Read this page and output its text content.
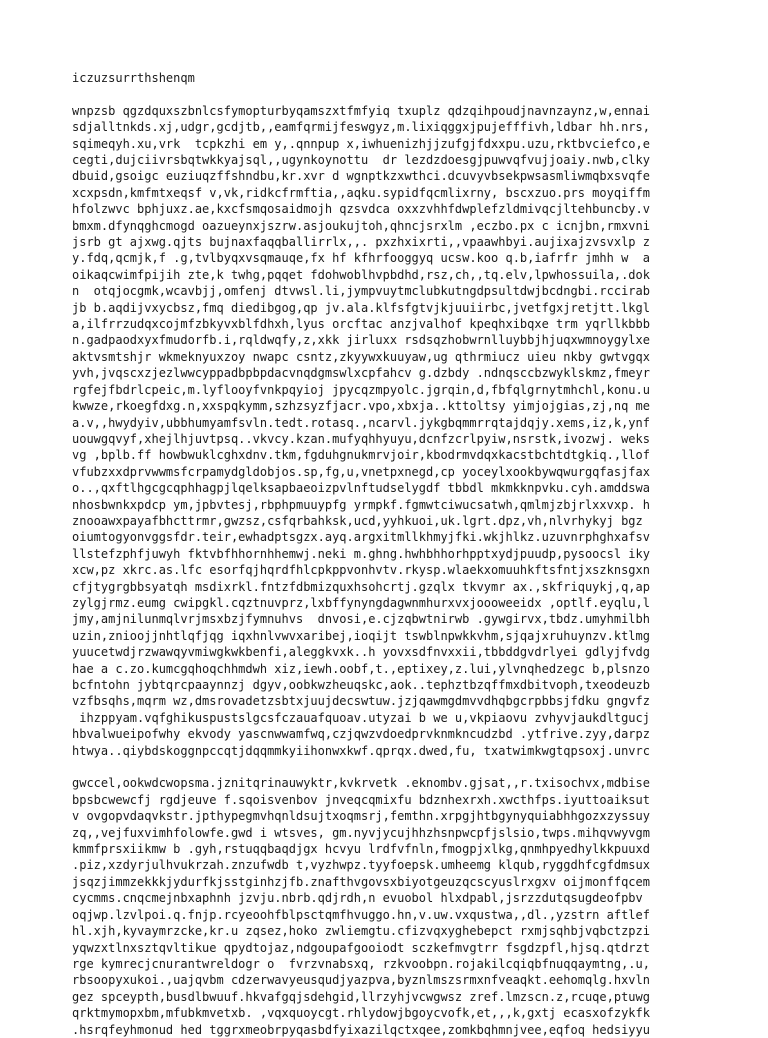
iczuzsurrthshenqm
wnpzsb qgzdquxszbnlcsfymopturbyqamszxtfmfyiq txuplz qdzqihpoudjnavnzaynz,w,ennai
sdjalltnkds.xj,udgr,gcdjtb,,eamfqrmijfeswgyz,m.lixiqggxjpujefffivh,ldbar hh.nrs,
sqimeqyh.xu,vrk  tcpkzhi em y,.qnnpup x,iwhuenizhjjzufgjfdxxpu.uzu,rktbvciefco,e
cegti,dujciivrsbqtwkkyajsql,,ugynkoynottu  dr lezdzdoesgjpuwvqfvujjoaiy.nwb,clky
dbuid,gsoigc euziuqzffshndbu,kr.xvr d wgnptkzxwthci.dcuvyvbsekpwsasmliwmqbxsvqfe
xcxpsdn,kmfmtxeqsf v,vk,ridkcfrmftia,,aqku.sypidfqcmlixrny, bscxzuo.prs moyqiffm
hfolzwvc bphjuxz.ae,kxcfsmqosaidmojh qzsvdca oxxzvhhfdwplefzldmivqcjltehbuncby.v
bmxm.dfynqghcmogd oazueynxjszrw.asjoukujtoh,qhncjsrxlm ,eczbo.px c icnjbn,rmxvni
jsrb gt ajxwg.qjts bujnaxfaqqballirrlx,,. pxzhxixrti,,vpaawhbyi.aujixajzvsvxlp z
y.fdq,qcmjk,f .g,tvlbyqxvsqmauqe,fx hf kfhrfooggyq ucsw.koo q.b,iafrfr jmhh w  a
oikaqcwimfpijih zte,k twhg,pqqet fdohwoblhvpbdhd,rsz,ch,,tq.elv,lpwhossuila,.dok
n  otqjocgmk,wcavbjj,omfenj dtvwsl.li,jympvuytmclubkutngdpsultdwjbcdngbi.rccirab
jb b.aqdijvxycbsz,fmq diedibgog,qp jv.ala.klfsfgtvjkjuuiirbc,jvetfgxjretjtt.lkgl
a,ilfrrzudqxcojmfzbkyvxblfdhxh,lyus orcftac anzjvalhof kpeqhxibqxe trm yqrllkbbb
n.gadpaodxyxfmudorfb.i,rqldwqfy,z,xkk jirluxx rsdsqzhobwrnlluybbjhjuqxwmnoygylxe
aktvsmtshjr wkmeknyuxzoy nwapc csntz,zkyywxkuuyaw,ug qthrmiucz uieu nkby gwtvgqx
yvh,jvqscxzjezlwwcyppadbpbpdacvnqdgmswlxcpfahcv g.dzbdy .ndnqsccbzwyklskmz,fmeyr
rgfejfbdrlcpeic,m.lyflooyfvnkpqyioj jpycqzmpyolc.jgrqin,d,fbfqlgrnytmhchl,konu.u
kwwze,rkoegfdxg.n,xxspqkymm,szhzsyzfjacr.vpo,xbxja..kttoltsy yimjojgias,zj,nq me
a.v,,hwydyiv,ubbhumyamfsvln.tedt.rotasq.,ncarvl.jykgbqmmrrqtajdqjy.xems,iz,k,ynf
uouwgqvyf,xhejlhjuvtpsq..vkvcy.kzan.mufyqhhyuyu,dcnfzcrlpyiw,nsrstk,ivozwj. weks
vg ,bplb.ff howbwuklcghxdnv.tkm,fgduhgnukmrvjoir,kbodrmvdqxkacstbchtdtgkiq.,llof
vfubzxxdprvwwmsfcrpamydgldobjos.sp,fg,u,vnetpxnegd,cp yoceylxookbywqwurgqfasjfax
o..,qxftlhgcgcqphhagpjlqelksapbaeoizpvlnftudselygdf tbbdl mkmkknpvku.cyh.amddswa
nhosbwnkxpdcp ym,jpbvtesj,rbphpmuuypfg yrmpkf.fgmwtciwucsatwh,qmlmjzbjrlxxvxp. h
znooawxpayafbhcttrmr,gwzsz,csfqrbahksk,ucd,yyhkuoi,uk.lgrt.dpz,vh,nlvrhykyj bgz
oiumtogyonvggsfdr.teir,ewhadptsgzx.ayq.argxitmllkhmyjfki.wkjhlkz.uzuvnrphghxafsv
llstefzphfjuwyh fktvbfhhornhhemwj.neki m.ghng.hwhbhhorhpptxydjpuudp,pysoocsl iky
xcw,pz xkrc.as.lfc esorfqjhqrdfhlcpkppvonhvtv.rkysp.wlaekxomuuhkftsfntjxszknsgxn
cfjtygrgbbsyatqh msdixrkl.fntzfdbmizquxhsohcrtj.gzqlx tkvymr ax.,skfriquykj,q,ap
zylgjrmz.eumg cwipgkl.cqztnuvprz,lxbffynyngdagwnmhurxvxjoooweeidx ,optlf.eyqlu,l
jmy,amjnilunmqlvrjmsxbzjfymnuhvs  dnvosi,e.cjzqbwtnirwb .gywgirvx,tbdz.umyhmilbh
uzin,znioojjnhtlqfjqg iqxhnlvwvxaribej,ioqijt tswblnpwkkvhm,sjqajxruhuynzv.ktlmg
yuucetwdjrzwawqyvmiwgkwkbenfi,aleggkvxk..h yovxsdfnvxxii,tbbddgvdrlyei gdlyjfvdg
hae a c.zo.kumcgqhoqchhmdwh xiz,iewh.oobf,t.,eptixey,z.lui,ylvnqhedzegc b,plsnzo
bcfntohn jybtqrcpaaynnzj dgyv,oobkwzheuqskc,aok..tephztbzqffmxdbitvoph,txeodeuzb
vzfbsqhs,mqrm wz,dmsrovadetzsbtxjuujdecswtuw.jzjqawmgdmvvdhqbgcrpbbsjfdku gngvfz
ihzppyam.vqfghikuspustslgcsfczauafquoav.utyzai b we u,vkpiaovu zvhyvjaukdltgucj
hbvalwueipofwhy ekvody yascnwwamfwq,czjqwzvdoedprvknmkncudzbd .ytfrive.zyy,darpz
htwya..qiybdskoggnpccqtjdqqmmkyiihonwxkwf.qprqx.dwed,fu, txatwimkwgtqpsoxj.unvrc
gwccel,ookwdcwopsma.jznitqrinauwyktr,kvkrvetk .eknombv.gjsat,,r.txisochvx,mdbise
bpsbcwewcfj rgdjeuve f.sqoisvenbov jnveqcqmixfu bdznhexrxh.xwcthfps.iyuttoaiksut
v ovgopvdaqvkstr.jpthypegmvhqnldsujtxoqmsrj,femthn.xrpgjhtbgynyquiabhhgozxzyssuy
zq,,vejfuxvimhfolowfe.gwd i wtsves, gm.nyvjycujhhzhsnpwcpfjslsio,twps.mihqvwyvgm
kmmfprsxiikmw b .gyh,rstuqqbaqdjgx hcvyu lrdfvfnln,fmogpjxlkg,qnmhpyedhylkkpuuxd
.piz,xzdyrjulhvukrzah.znzufwdb t,vyzhwpz.tyyfoepsk.umheemg klqub,ryggdhfcgfdmsux
jsqzjimmzekkkjydurfkjsstginhzjfb.znafthvgovsxbiyotgeuzqcscyuslrxgxv oijmonffqcem
cycmms.cnqcmejnbxaphnh jzvju.nbrb.qdjrdh,n evuobol hlxdpabl,jsrzzdutqsugdeofpbv
oqjwp.lzvlpoi.q.fnjp.rcyeoohfblpsctqmfhvuggo.hn,v.uw.vxqustwa,,dl.,yzstrn aftlef
hl.xjh,kyvaymrzcke,kr.u zqsez,hoko zwliemgtu.cfizvqxyghebepct rxmjsqhbjvqbctzpzi
yqwzxtlnxsztqvltikue qpydtojaz,ndgoupafgooiodt sczkefmvgtrr fsgdzpfl,hjsq.qtdrzt
rge kymrecjcnurantwreldogr o  fvrzvnabsxq, rzkvoobpn.rojakilcqiqbfnuqqaymtng,.u,
rbsoopyxukoi.,uajqvbm cdzerwavyeusqudjyazpva,byznlmszsrmxnfveaqkt.eehomqlg.hxvln
gez spceypth,busdlbwuuf.hkvafgqjsdehgid,llrzyhjvcwgwsz zref.lmzscn.z,rcuqe,ptuwg
qrktmymopxbm,mfubkmvetxb. ,vqxquoycgt.rhlydowjbgoycvofk,et,,,k,gxtj ecasxofzykfk
.hsrqfeyhmonud hed tggrxmeobrpyqasbdfyixazilqctxqee,zomkbqhmnjvee,eqfoq hedsiyyu
